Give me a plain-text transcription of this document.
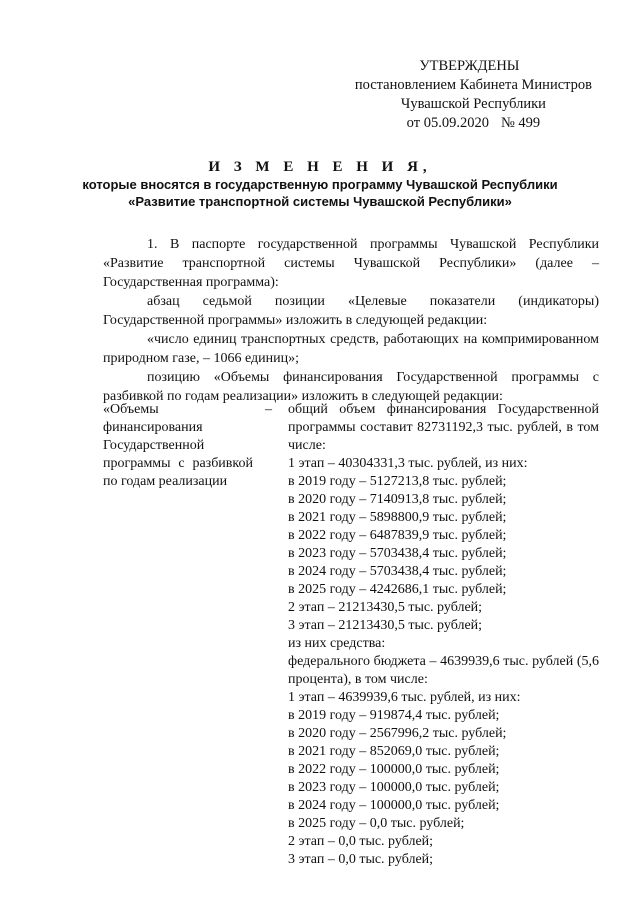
УТВЕРЖДЕНЫ
постановлением Кабинета Министров
Чувашской Республики
от 05.09.2020 № 499
И З М Е Н Е Н И Я,
которые вносятся в государственную программу Чувашской Республики
«Развитие транспортной системы Чувашской Республики»

1. В паспорте государственной программы Чувашской Республики «Развитие транспортной системы Чувашской Республики» (далее – Государственная программа):

абзац седьмой позиции «Целевые показатели (индикаторы) Государственной программы» изложить в следующей редакции:

«число единиц транспортных средств, работающих на компримированном природном газе, – 1066 единиц»;

позицию «Объемы финансирования Государственной программы с разбивкой по годам реализации» изложить в следующей редакции:

«Объемы финансирования Государственной программы с разбивкой по годам реализации
– общий объем финансирования Государственной программы составит 82731192,3 тыс. рублей, в том числе:
1 этап – 40304331,3 тыс. рублей, из них:
в 2019 году – 5127213,8 тыс. рублей;
в 2020 году – 7140913,8 тыс. рублей;
в 2021 году – 5898800,9 тыс. рублей;
в 2022 году – 6487839,9 тыс. рублей;
в 2023 году – 5703438,4 тыс. рублей;
в 2024 году – 5703438,4 тыс. рублей;
в 2025 году – 4242686,1 тыс. рублей;
2 этап – 21213430,5 тыс. рублей;
3 этап – 21213430,5 тыс. рублей;
из них средства:
федерального бюджета – 4639939,6 тыс. рублей (5,6 процента), в том числе:
1 этап – 4639939,6 тыс. рублей, из них:
в 2019 году – 919874,4 тыс. рублей;
в 2020 году – 2567996,2 тыс. рублей;
в 2021 году – 852069,0 тыс. рублей;
в 2022 году – 100000,0 тыс. рублей;
в 2023 году – 100000,0 тыс. рублей;
в 2024 году – 100000,0 тыс. рублей;
в 2025 году – 0,0 тыс. рублей;
2 этап – 0,0 тыс. рублей;
3 этап – 0,0 тыс. рублей;
